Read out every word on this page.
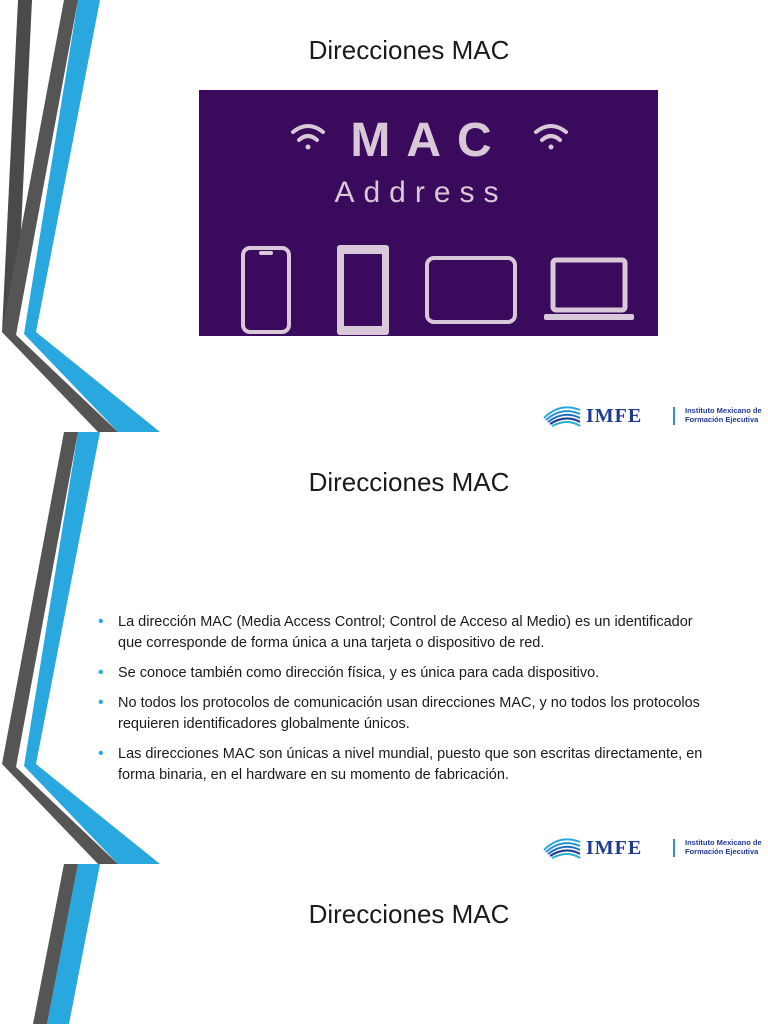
Direcciones MAC
MAC
Address
IMFE	Instituto Mexicano de
Formación Ejecutiva
Direcciones MAC
• La dirección MAC (Media Access Control; Control de Acceso al Medio) es un identificador que corresponde de forma única a una tarjeta o dispositivo de red.
• Se conoce también como dirección física, y es única para cada dispositivo.
• No todos los protocolos de comunicación usan direcciones MAC, y no todos los protocolos requieren identificadores globalmente únicos.
• Las direcciones MAC son únicas a nivel mundial, puesto que son escritas directamente, en forma binaria, en el hardware en su momento de fabricación.
IMFE	Instituto Mexicano de
Formación Ejecutiva
Direcciones MAC
